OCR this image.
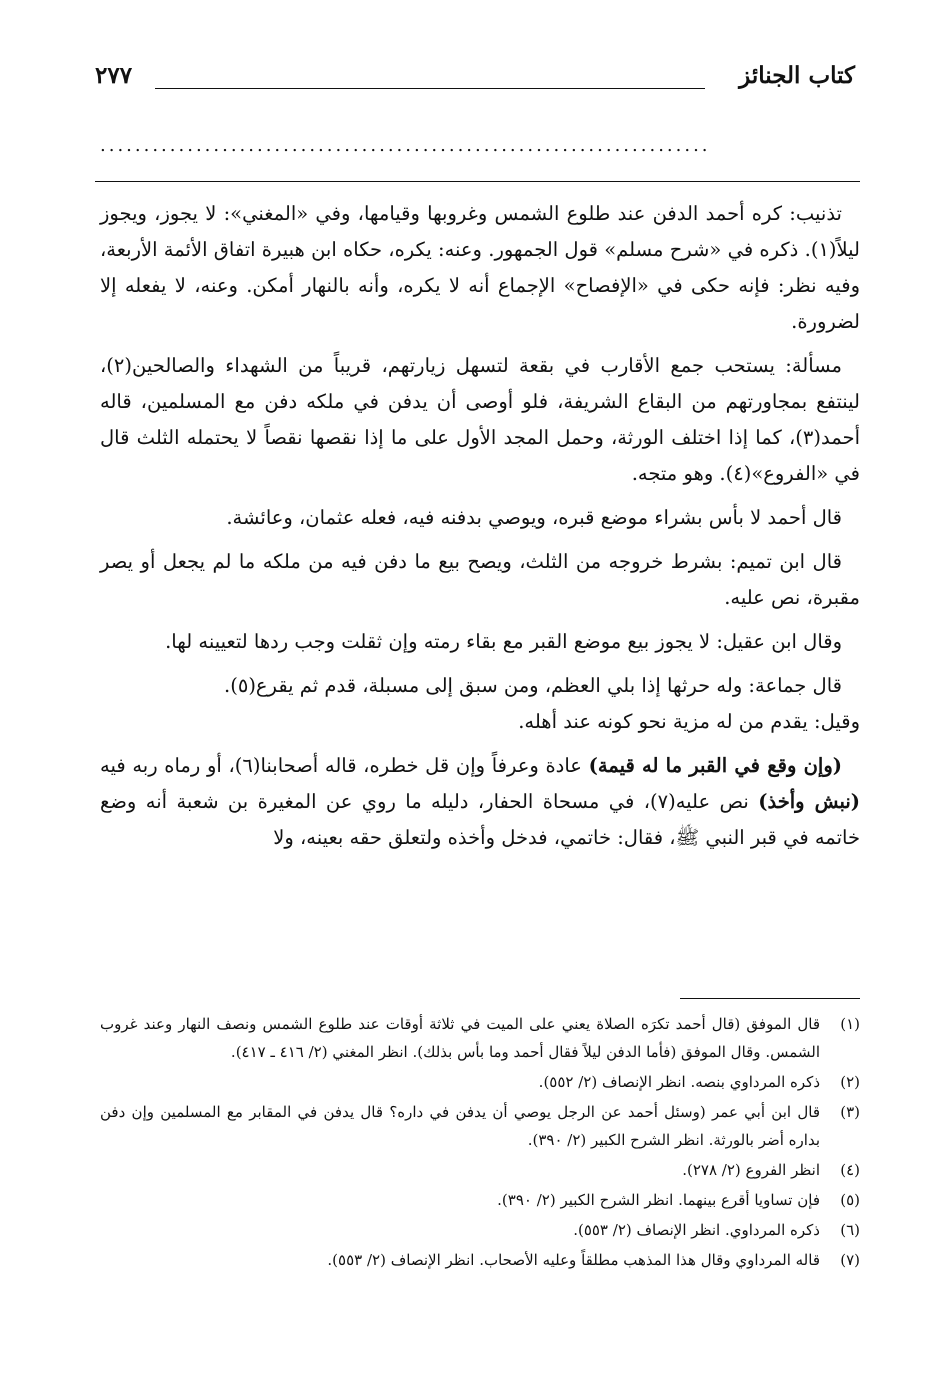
كتاب الجنائز
٢٧٧
......................................................................

تذنيب: كره أحمد الدفن عند طلوع الشمس وغروبها وقيامها، وفي «المغني»: لا يجوز، ويجوز ليلاً(١). ذكره في «شرح مسلم» قول الجمهور. وعنه: يكره، حكاه ابن هبيرة اتفاق الأئمة الأربعة، وفيه نظر: فإنه حكى في «الإفصاح» الإجماع أنه لا يكره، وأنه بالنهار أمكن. وعنه، لا يفعله إلا لضرورة.

مسألة: يستحب جمع الأقارب في بقعة لتسهل زيارتهم، قريباً من الشهداء والصالحين(٢)، لينتفع بمجاورتهم من البقاع الشريفة، فلو أوصى أن يدفن في ملكه دفن مع المسلمين، قاله أحمد(٣)، كما إذا اختلف الورثة، وحمل المجد الأول على ما إذا نقصها نقصاً لا يحتمله الثلث قال في «الفروع»(٤). وهو متجه.

قال أحمد لا بأس بشراء موضع قبره، ويوصي بدفنه فيه، فعله عثمان، وعائشة.

قال ابن تميم: بشرط خروجه من الثلث، ويصح بيع ما دفن فيه من ملكه ما لم يجعل أو يصر مقبرة، نص عليه.

وقال ابن عقيل: لا يجوز بيع موضع القبر مع بقاء رمته وإن ثقلت وجب ردها لتعيينه لها.

قال جماعة: وله حرثها إذا بلي العظم، ومن سبق إلى مسبلة، قدم ثم يقرع(٥).

وقيل: يقدم من له مزية نحو كونه عند أهله.

(وإن وقع في القبر ما له قيمة) عادة وعرفاً وإن قل خطره، قاله أصحابنا(٦)، أو رماه ربه فيه (نبش وأخذ) نص عليه(٧)، في مسحاة الحفار، دليله ما روي عن المغيرة بن شعبة أنه وضع خاتمه في قبر النبي ﷺ، فقال: خاتمي، فدخل وأخذه ولتعلق حقه بعينه، ولا

(١)
قال الموفق (قال أحمد تكرَه الصلاة يعني على الميت في ثلاثة أوقات عند طلوع الشمس ونصف النهار وعند غروب الشمس. وقال الموفق (فأما الدفن ليلاً فقال أحمد وما بأس بذلك). انظر المغني (٢/ ٤١٦ ـ ٤١٧).
(٢)
ذكره المرداوي بنصه. انظر الإنصاف (٢/ ٥٥٢).
(٣)
قال ابن أبي عمر (وسئل أحمد عن الرجل يوصي أن يدفن في داره؟ قال يدفن في المقابر مع المسلمين وإن دفن بداره أضر بالورثة. انظر الشرح الكبير (٢/ ٣٩٠).
(٤)
انظر الفروع (٢/ ٢٧٨).
(٥)
فإن تساويا أقرع بينهما. انظر الشرح الكبير (٢/ ٣٩٠).
(٦)
ذكره المرداوي. انظر الإنصاف (٢/ ٥٥٣).
(٧)
قاله المرداوي وقال هذا المذهب مطلقاً وعليه الأصحاب. انظر الإنصاف (٢/ ٥٥٣).
